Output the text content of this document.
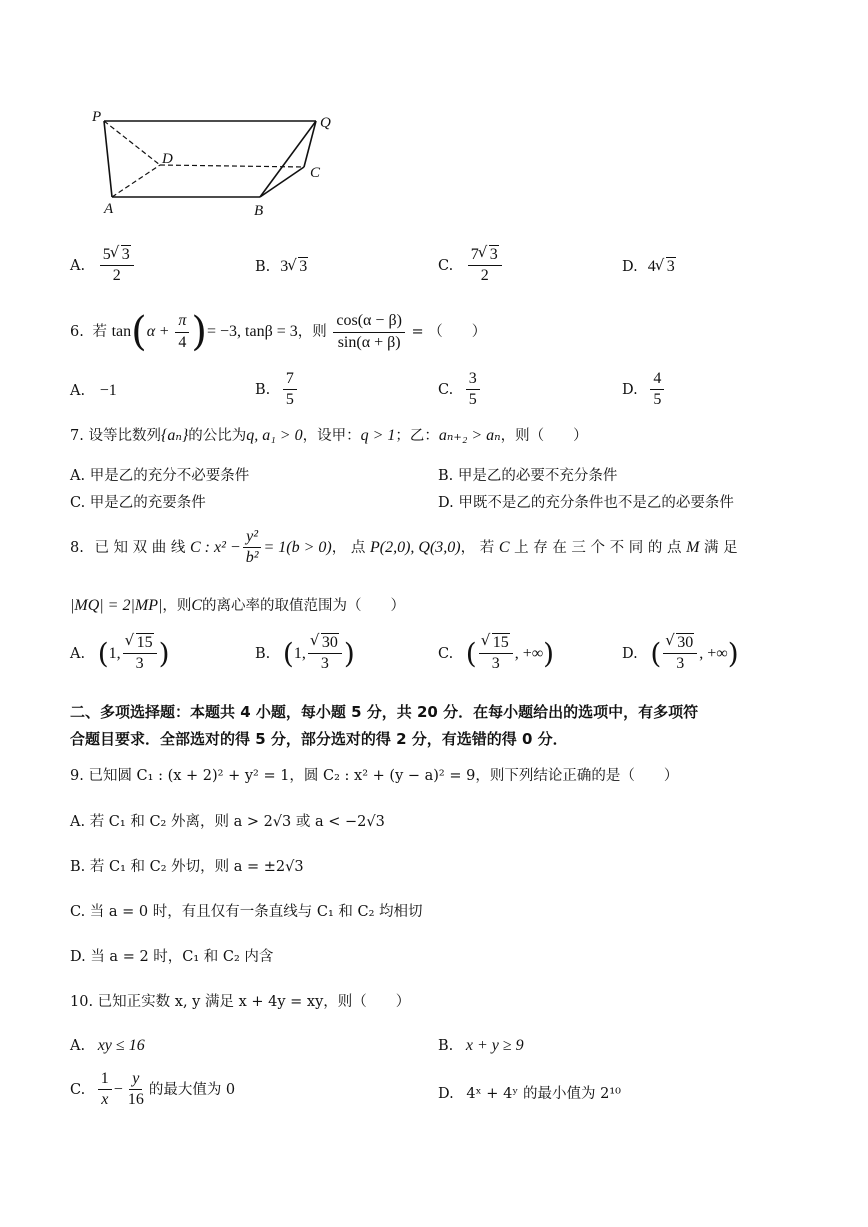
P	Q
D
C
A	B
A. $\frac{5 √ 3}{2}$	B. 3 √ 3	C. $\frac{7 √ 3}{2}$	D. 4 √ 3
6. 若 $\tan(\alpha + \frac{\pi}{4}$ )= −3, tanβ = 3，则 $\frac{\cos(\alpha - \beta)}{\sin(\alpha + \beta)}$ = （　　）
A. −1	B. $\frac{7}{5}$	C. $\frac{3}{5}$	D. $\frac{4}{5}$
7. 设等比数列{aₙ}的公比为q, a₁ > 0，设甲：q > 1；乙：aₙ₊₂ > aₙ，则（　　）
A. 甲是乙的充分不必要条件	B. 甲是乙的必要不充分条件
C. 甲是乙的充要条件	D. 甲既不是乙的充分条件也不是乙的必要条件
8. 已 知 双 曲 线 C : $x^2 - \frac{\text{y²}}{\text{b²}} = 1(b > 0)$， 点 P(2,0), Q(3,0)， 若 C 上 存 在 三 个 不 同 的 点 M 满 足
|MQ| = 2|MP|，则C的离心率的取值范围为（　　）
A. (1, √ $\frac{15}{3}$ )	B. (1, √ $\frac{30}{3}$ )	C. ( √ $\frac{15}{3}$ , +∞)	D. ( √ $\frac{30}{3}$ , +∞)
二、多项选择题：本题共 4 小题，每小题 5 分，共 20 分．在每小题给出的选项中，有多项符
合题目要求．全部选对的得 5 分，部分选对的得 2 分，有选错的得 0 分．
9. 已知圆 C₁ : (x + 2)² + y² = 1，圆 C₂ : x² + (y − a)² = 9，则下列结论正确的是（　　）
A. 若 C₁ 和 C₂ 外离，则 a > 2√3 或 a < −2√3
B. 若 C₁ 和 C₂ 外切，则 a = ±2√3
C. 当 a = 0 时，有且仅有一条直线与 C₁ 和 C₂ 均相切
D. 当 a = 2 时，C₁ 和 C₂ 内含
10. 已知正实数 x, y 满足 x + 4y = xy，则（　　）
A. xy ≤ 16	B. x + y ≥ 9
C. $\frac{1}{x} - \frac{y}{16}$ 的最大值为 0	D. 4ˣ + 4ʸ 的最小值为 2¹⁰
